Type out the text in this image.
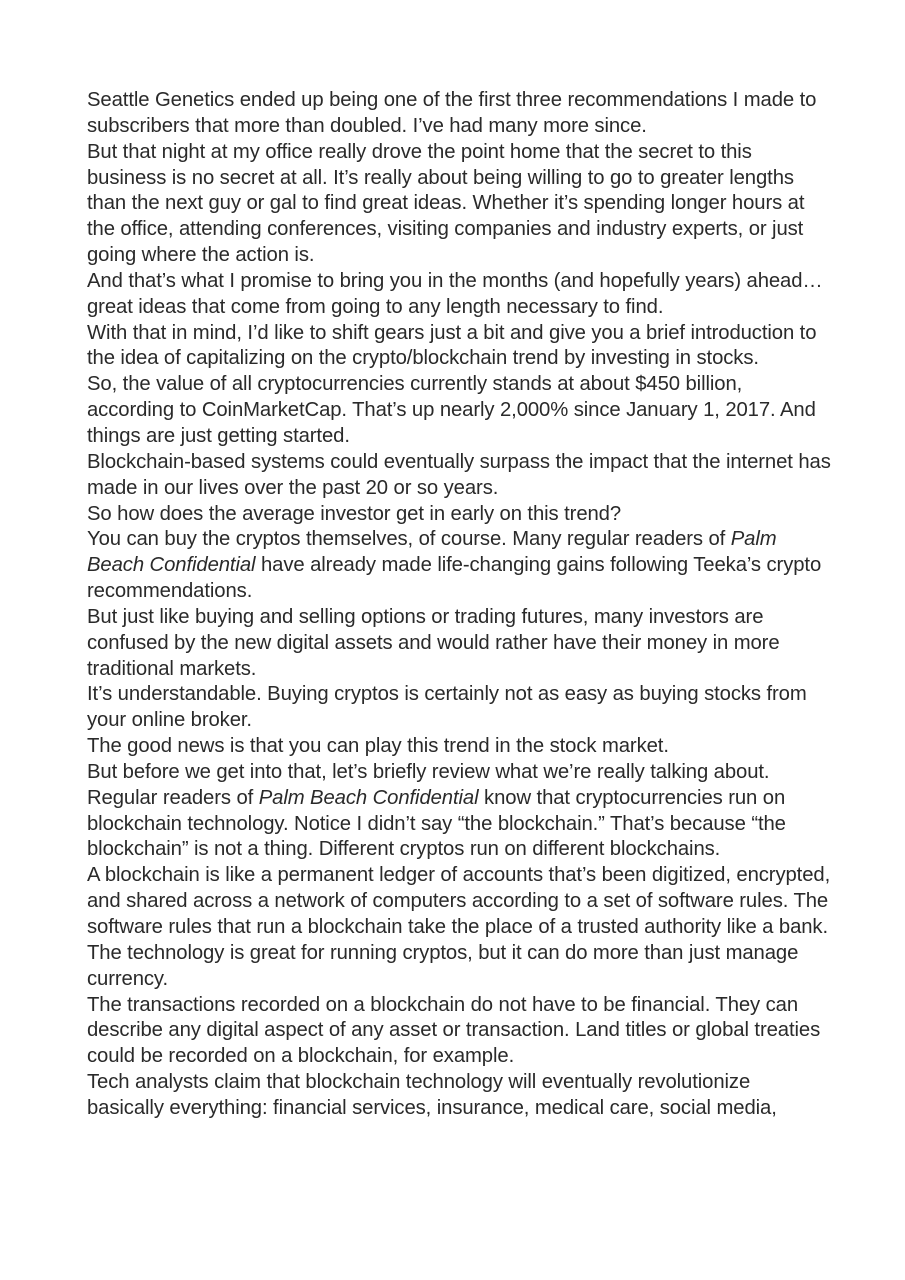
Seattle Genetics ended up being one of the first three recommendations I made to subscribers that more than doubled. I’ve had many more since.

But that night at my office really drove the point home that the secret to this business is no secret at all. It’s really about being willing to go to greater lengths than the next guy or gal to find great ideas. Whether it’s spending longer hours at the office, attending conferences, visiting companies and industry experts, or just going where the action is.

And that’s what I promise to bring you in the months (and hopefully years) ahead… great ideas that come from going to any length necessary to find.

With that in mind, I’d like to shift gears just a bit and give you a brief introduction to the idea of capitalizing on the crypto/blockchain trend by investing in stocks.

So, the value of all cryptocurrencies currently stands at about $450 billion, according to CoinMarketCap. That’s up nearly 2,000% since January 1, 2017. And things are just getting started.

Blockchain-based systems could eventually surpass the impact that the internet has made in our lives over the past 20 or so years.

So how does the average investor get in early on this trend?

You can buy the cryptos themselves, of course. Many regular readers of Palm Beach Confidential have already made life-changing gains following Teeka’s crypto recommendations.

But just like buying and selling options or trading futures, many investors are confused by the new digital assets and would rather have their money in more traditional markets.

It’s understandable. Buying cryptos is certainly not as easy as buying stocks from your online broker.

The good news is that you can play this trend in the stock market.

But before we get into that, let’s briefly review what we’re really talking about.

Regular readers of Palm Beach Confidential know that cryptocurrencies run on blockchain technology. Notice I didn’t say “the blockchain.” That’s because “the blockchain” is not a thing. Different cryptos run on different blockchains.

A blockchain is like a permanent ledger of accounts that’s been digitized, encrypted, and shared across a network of computers according to a set of software rules. The software rules that run a blockchain take the place of a trusted authority like a bank. The technology is great for running cryptos, but it can do more than just manage currency.

The transactions recorded on a blockchain do not have to be financial. They can describe any digital aspect of any asset or transaction. Land titles or global treaties could be recorded on a blockchain, for example.

Tech analysts claim that blockchain technology will eventually revolutionize basically everything: financial services, insurance, medical care, social media,
